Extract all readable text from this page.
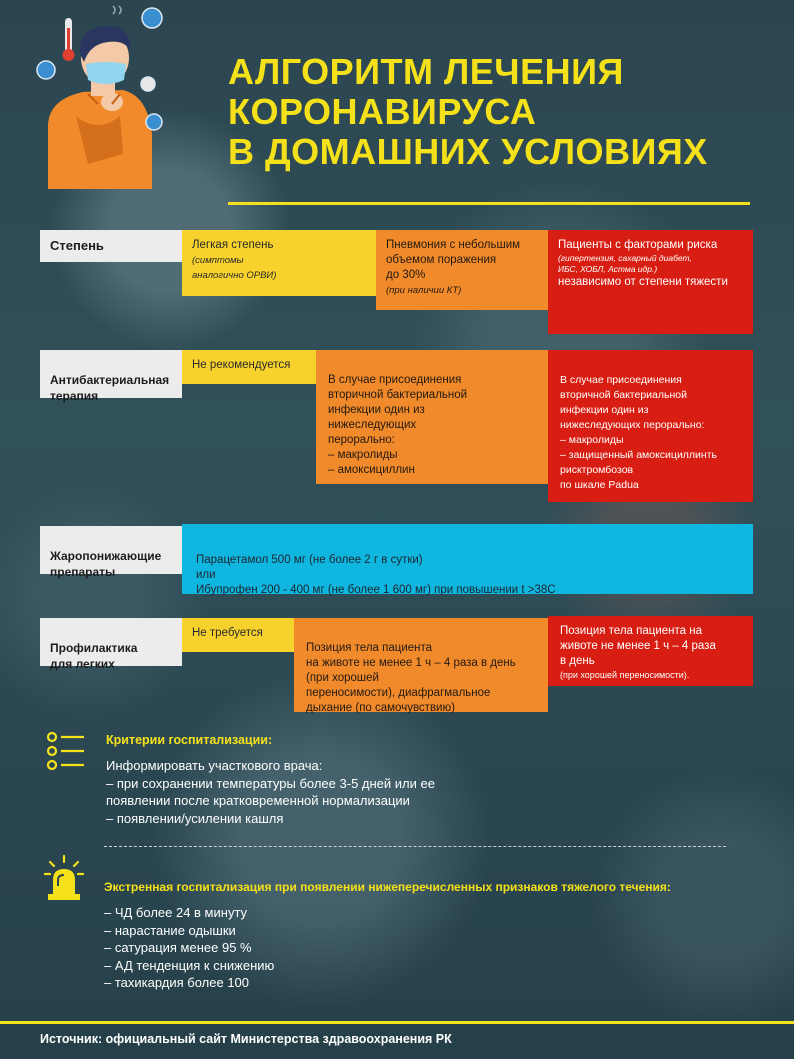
АЛГОРИТМ ЛЕЧЕНИЯ
КОРОНАВИРУСА
В ДОМАШНИХ УСЛОВИЯХ
Степень	Легкая степень
(симптомы
аналогично ОРВИ)
Пневмония с небольшим
объемом поражения
до 30%
(при наличии КТ)
Пациенты с факторами риска
(гипертензия, сахарный диабет,
ИБС, ХОБЛ, Астма идр.)
независимо от степени тяжести

Антибактериальная
терапия

Не рекомендуется

В случае присоединения
вторичной бактериальной
инфекции один из
нижеследующих
перорально:
– макролиды
– амоксициллин

В случае присоединения
вторичной бактериальной
инфекции один из
нижеследующих перорально:
– макролиды
– защищенный амоксициллинть
рисктромбозов
по шкале Padua

Жаропонижающие
препараты

Парацетамол 500 мг (не более 2 г в сутки)
или
Ибупрофен 200 - 400 мг (не более 1 600 мг) при повышении t >38С

Профилактика
для легких

Не требуется

Позиция тела пациента
на животе не менее 1 ч – 4 раза в день
(при хорошей
переносимости), диафрагмальное
дыхание (по самочувствию)

Позиция тела пациента на
животе не менее 1 ч – 4 раза
в день
(при хорошей переносимости).
Критерии госпитализации:
Информировать участкового врача:
– при сохранении температуры более 3-5 дней или ее
появлении после кратковременной нормализации
– появлении/усилении кашля
Экстренная госпитализация при появлении нижеперечисленных признаков тяжелого течения:
– ЧД более 24 в минуту
– нарастание одышки
– сатурация менее 95 %
– АД тенденция к снижению
– тахикардия более 100
Источник: официальный сайт Министерства здравоохранения РК
